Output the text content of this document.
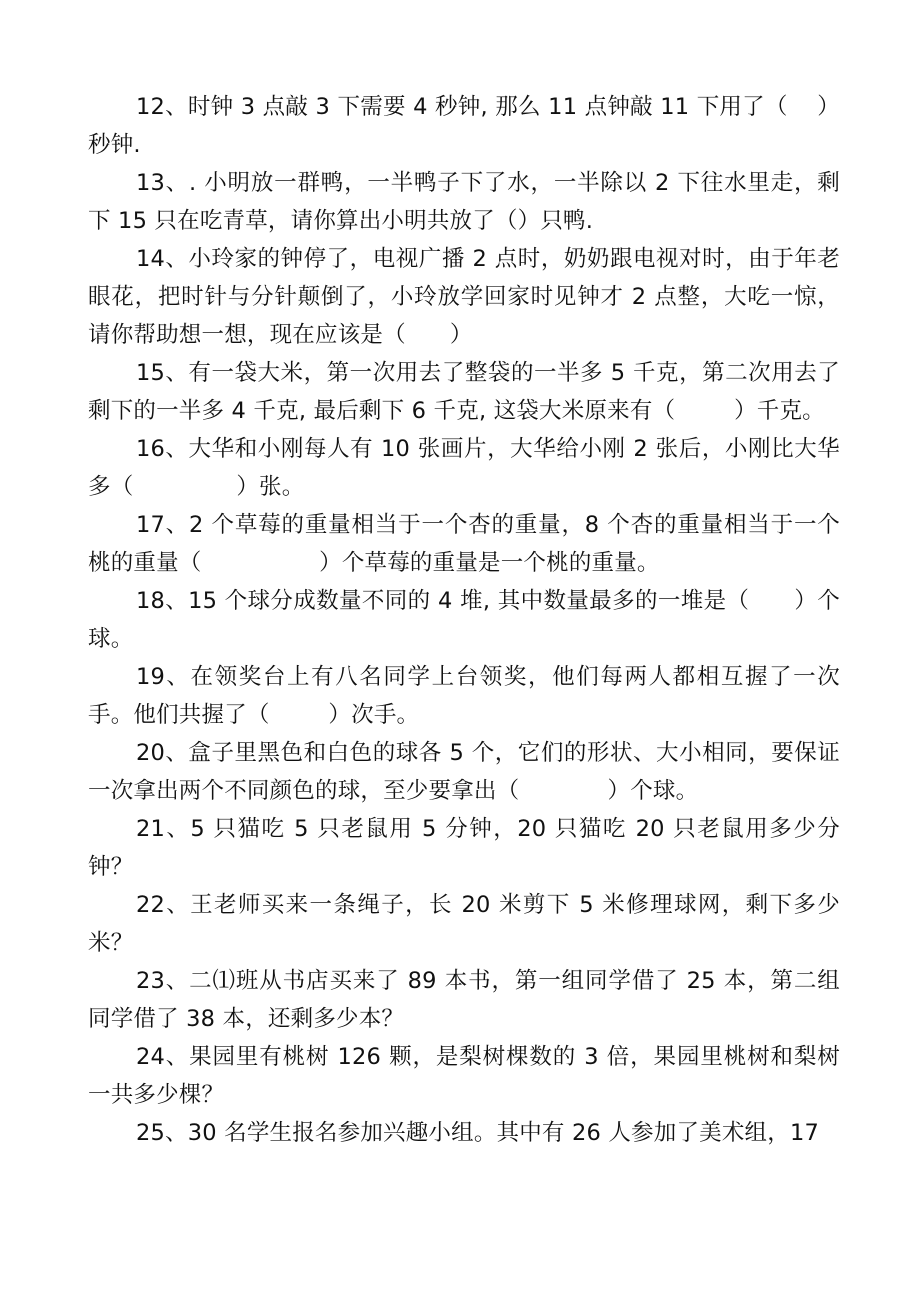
12、时钟 3 点敲 3 下需要 4 秒钟, 那么 11 点钟敲 11 下用了（    ）秒钟.

13、. 小明放一群鸭，一半鸭子下了水，一半除以 2 下往水里走，剩下 15 只在吃青草，请你算出小明共放了（）只鸭.

14、小玲家的钟停了，电视广播 2 点时，奶奶跟电视对时，由于年老眼花，把时针与分针颠倒了，小玲放学回家时见钟才 2 点整，大吃一惊，请你帮助想一想，现在应该是（      ）

15、有一袋大米，第一次用去了整袋的一半多 5 千克，第二次用去了剩下的一半多 4 千克, 最后剩下 6 千克, 这袋大米原来有（        ）千克。

16、大华和小刚每人有 10 张画片，大华给小刚 2 张后，小刚比大华多（              ）张。

17、2 个草莓的重量相当于一个杏的重量，8 个杏的重量相当于一个桃的重量（                ）个草莓的重量是一个桃的重量。

18、15 个球分成数量不同的 4 堆, 其中数量最多的一堆是（      ）个球。

19、在领奖台上有八名同学上台领奖，他们每两人都相互握了一次手。他们共握了（        ）次手。

20、盒子里黑色和白色的球各 5 个，它们的形状、大小相同，要保证一次拿出两个不同颜色的球，至少要拿出（            ）个球。

21、5 只猫吃 5 只老鼠用 5 分钟，20 只猫吃 20 只老鼠用多少分钟？

22、王老师买来一条绳子，长 20 米剪下 5 米修理球网，剩下多少米？

23、二⑴班从书店买来了 89 本书，第一组同学借了 25 本，第二组同学借了 38 本，还剩多少本？

24、果园里有桃树 126 颗，是梨树棵数的 3 倍，果园里桃树和梨树一共多少棵？

25、30 名学生报名参加兴趣小组。其中有 26 人参加了美术组，17
